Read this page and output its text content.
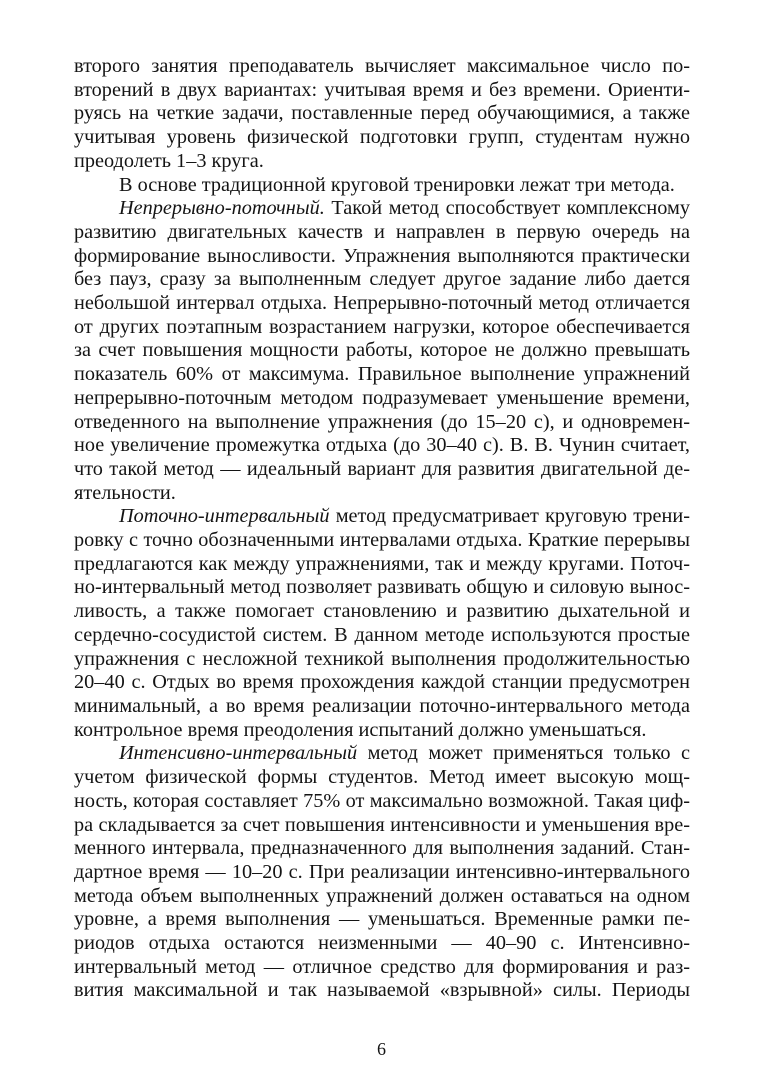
второго занятия преподаватель вычисляет максимальное число по-
вторений в двух вариантах: учитывая время и без времени. Ориенти-
руясь на четкие задачи, поставленные перед обучающимися, а также
учитывая уровень физической подготовки групп, студентам нужно
преодолеть 1–3 круга.
В основе традиционной круговой тренировки лежат три метода.
Непрерывно-поточный. Такой метод способствует комплексному
развитию двигательных качеств и направлен в первую очередь на
формирование выносливости. Упражнения выполняются практически
без пауз, сразу за выполненным следует другое задание либо дается
небольшой интервал отдыха. Непрерывно-поточный метод отличается
от других поэтапным возрастанием нагрузки, которое обеспечивается
за счет повышения мощности работы, которое не должно превышать
показатель 60% от максимума. Правильное выполнение упражнений
непрерывно-поточным методом подразумевает уменьшение времени,
отведенного на выполнение упражнения (до 15–20 с), и одновремен-
ное увеличение промежутка отдыха (до 30–40 с). В. В. Чунин считает,
что такой метод — идеальный вариант для развития двигательной де-
ятельности.
Поточно-интервальный метод предусматривает круговую трени-
ровку с точно обозначенными интервалами отдыха. Краткие перерывы
предлагаются как между упражнениями, так и между кругами. Поточ-
но-интервальный метод позволяет развивать общую и силовую вынос-
ливость, а также помогает становлению и развитию дыхательной и
сердечно-сосудистой систем. В данном методе используются простые
упражнения с несложной техникой выполнения продолжительностью
20–40 с. Отдых во время прохождения каждой станции предусмотрен
минимальный, а во время реализации поточно-интервального метода
контрольное время преодоления испытаний должно уменьшаться.
Интенсивно-интервальный метод может применяться только с
учетом физической формы студентов. Метод имеет высокую мощ-
ность, которая составляет 75% от максимально возможной. Такая циф-
ра складывается за счет повышения интенсивности и уменьшения вре-
менного интервала, предназначенного для выполнения заданий. Стан-
дартное время — 10–20 с. При реализации интенсивно-интервального
метода объем выполненных упражнений должен оставаться на одном
уровне, а время выполнения — уменьшаться. Временные рамки пе-
риодов отдыха остаются неизменными — 40–90 с. Интенсивно-
интервальный метод — отличное средство для формирования и раз-
вития максимальной и так называемой «взрывной» силы. Периоды
6
